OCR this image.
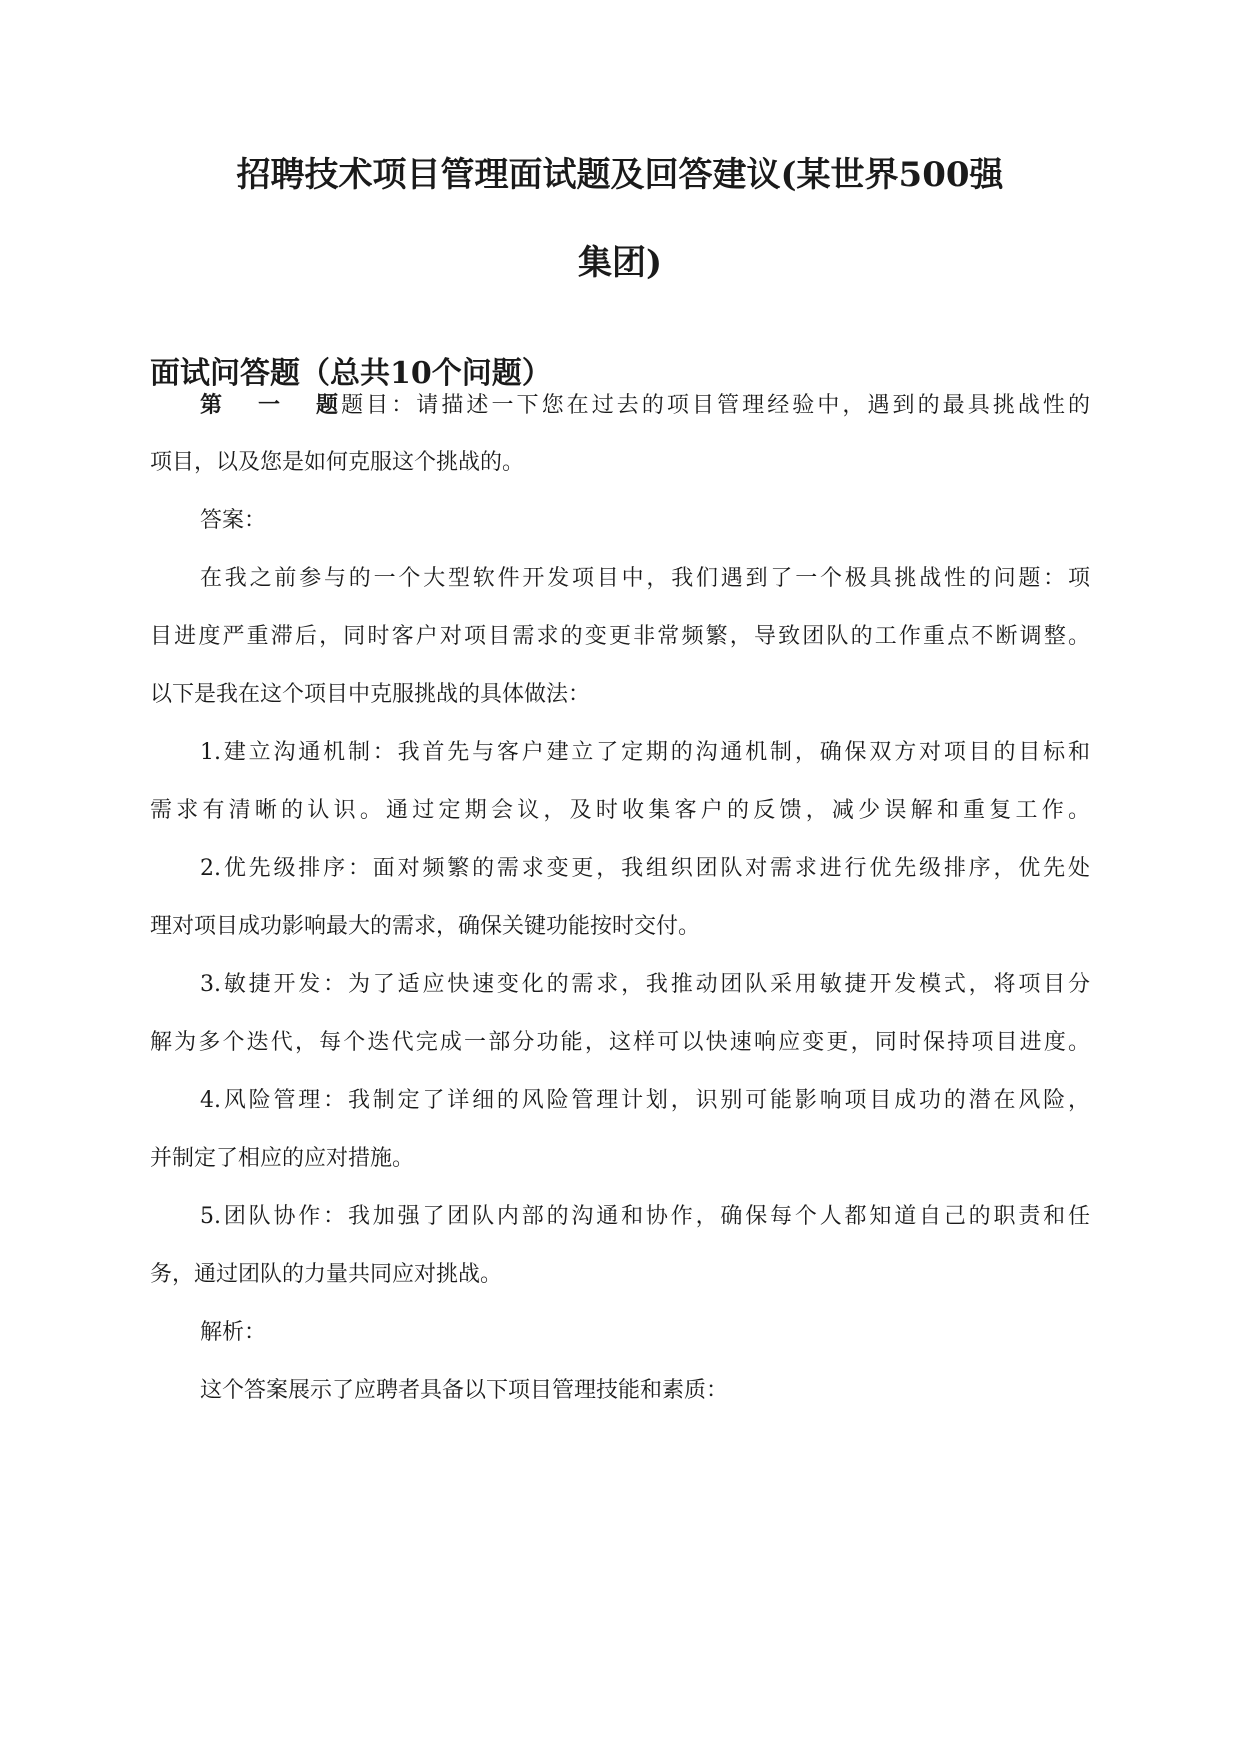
招聘技术项目管理面试题及回答建议(某世界500强
集团)
面试问答题（总共10个问题）

第一题题目：请描述一下您在过去的项目管理经验中，遇到的最具挑战性的

项目，以及您是如何克服这个挑战的。

答案：

在我之前参与的一个大型软件开发项目中，我们遇到了一个极具挑战性的问题：项

目进度严重滞后，同时客户对项目需求的变更非常频繁，导致团队的工作重点不断调整。

以下是我在这个项目中克服挑战的具体做法：

1.建立沟通机制：我首先与客户建立了定期的沟通机制，确保双方对项目的目标和

需求有清晰的认识。通过定期会议，及时收集客户的反馈，减少误解和重复工作。

2.优先级排序：面对频繁的需求变更，我组织团队对需求进行优先级排序，优先处

理对项目成功影响最大的需求，确保关键功能按时交付。

3.敏捷开发：为了适应快速变化的需求，我推动团队采用敏捷开发模式，将项目分

解为多个迭代，每个迭代完成一部分功能，这样可以快速响应变更，同时保持项目进度。

4.风险管理：我制定了详细的风险管理计划，识别可能影响项目成功的潜在风险，

并制定了相应的应对措施。

5.团队协作：我加强了团队内部的沟通和协作，确保每个人都知道自己的职责和任

务，通过团队的力量共同应对挑战。

解析：

这个答案展示了应聘者具备以下项目管理技能和素质：
